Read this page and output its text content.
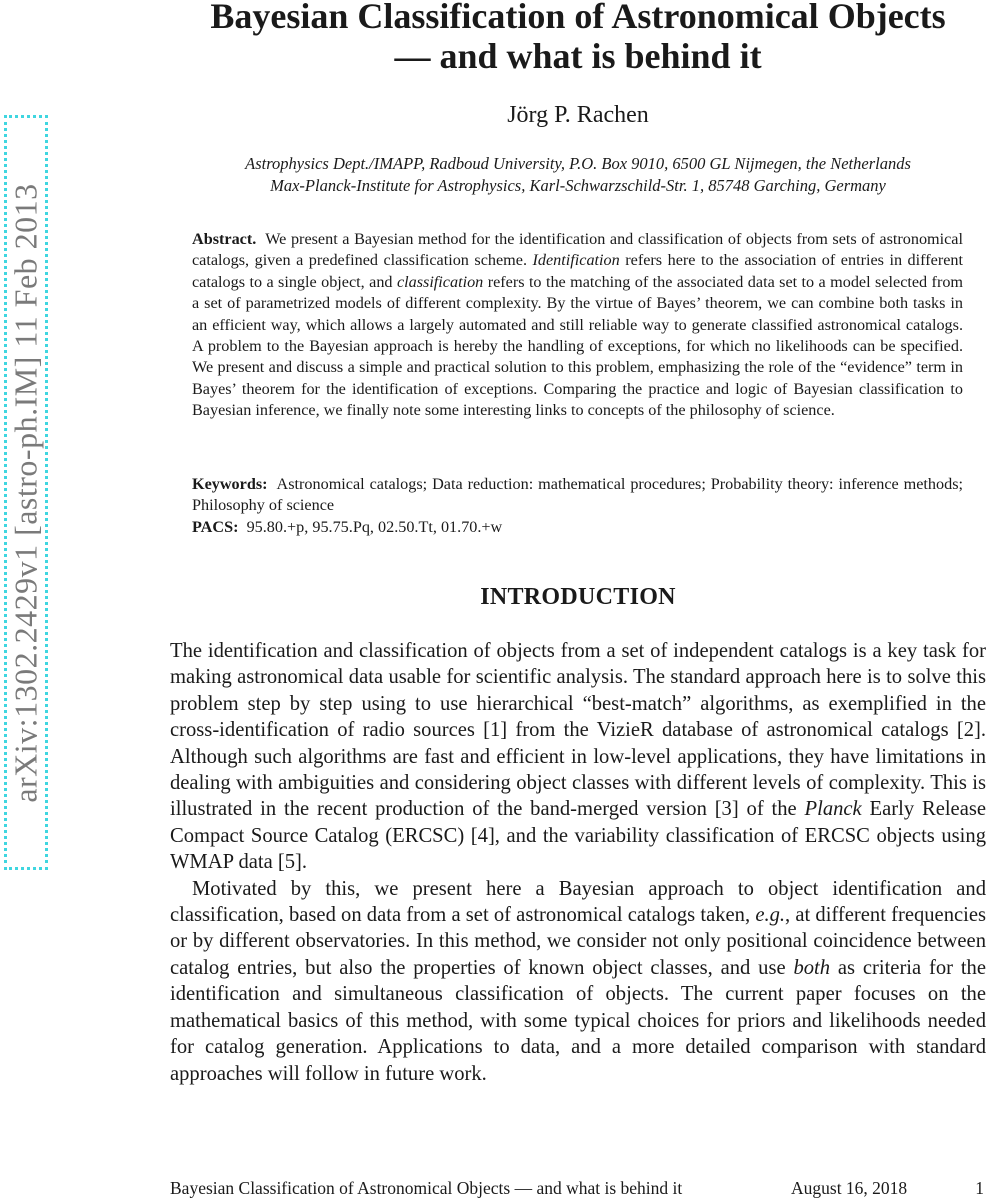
arXiv:1302.2429v1 [astro-ph.IM] 11 Feb 2013
Bayesian Classification of Astronomical Objects
— and what is behind it
Jörg P. Rachen
Astrophysics Dept./IMAPP, Radboud University, P.O. Box 9010, 6500 GL Nijmegen, the Netherlands
Max-Planck-Institute for Astrophysics, Karl-Schwarzschild-Str. 1, 85748 Garching, Germany

Abstract. We present a Bayesian method for the identification and classification of objects from sets of astronomical catalogs, given a predefined classification scheme. Identification refers here to the association of entries in different catalogs to a single object, and classification refers to the matching of the associated data set to a model selected from a set of parametrized models of different complexity. By the virtue of Bayes’ theorem, we can combine both tasks in an efficient way, which allows a largely automated and still reliable way to generate classified astronomical catalogs. A problem to the Bayesian approach is hereby the handling of exceptions, for which no likelihoods can be specified. We present and discuss a simple and practical solution to this problem, emphasizing the role of the “evidence” term in Bayes’ theorem for the identification of exceptions. Comparing the practice and logic of Bayesian classification to Bayesian inference, we finally note some interesting links to concepts of the philosophy of science.

Keywords: Astronomical catalogs; Data reduction: mathematical procedures; Probability theory: inference methods; Philosophy of science

PACS: 95.80.+p, 95.75.Pq, 02.50.Tt, 01.70.+w

INTRODUCTION

The identification and classification of objects from a set of independent catalogs is a key task for making astronomical data usable for scientific analysis. The standard approach here is to solve this problem step by step using to use hierarchical “best-match” algorithms, as exemplified in the cross-identification of radio sources [1] from the VizieR database of astronomical catalogs [2]. Although such algorithms are fast and efficient in low-level applications, they have limitations in dealing with ambiguities and considering object classes with different levels of complexity. This is illustrated in the recent production of the band-merged version [3] of the Planck Early Release Compact Source Catalog (ERCSC) [4], and the variability classification of ERCSC objects using WMAP data [5].

Motivated by this, we present here a Bayesian approach to object identification and classification, based on data from a set of astronomical catalogs taken, e.g., at different frequencies or by different observatories. In this method, we consider not only positional coincidence between catalog entries, but also the properties of known object classes, and use both as criteria for the identification and simultaneous classification of objects. The current paper focuses on the mathematical basics of this method, with some typical choices for priors and likelihoods needed for catalog generation. Applications to data, and a more detailed comparison with standard approaches will follow in future work.

Bayesian Classification of Astronomical Objects — and what is behind it	August 16, 2018	1
